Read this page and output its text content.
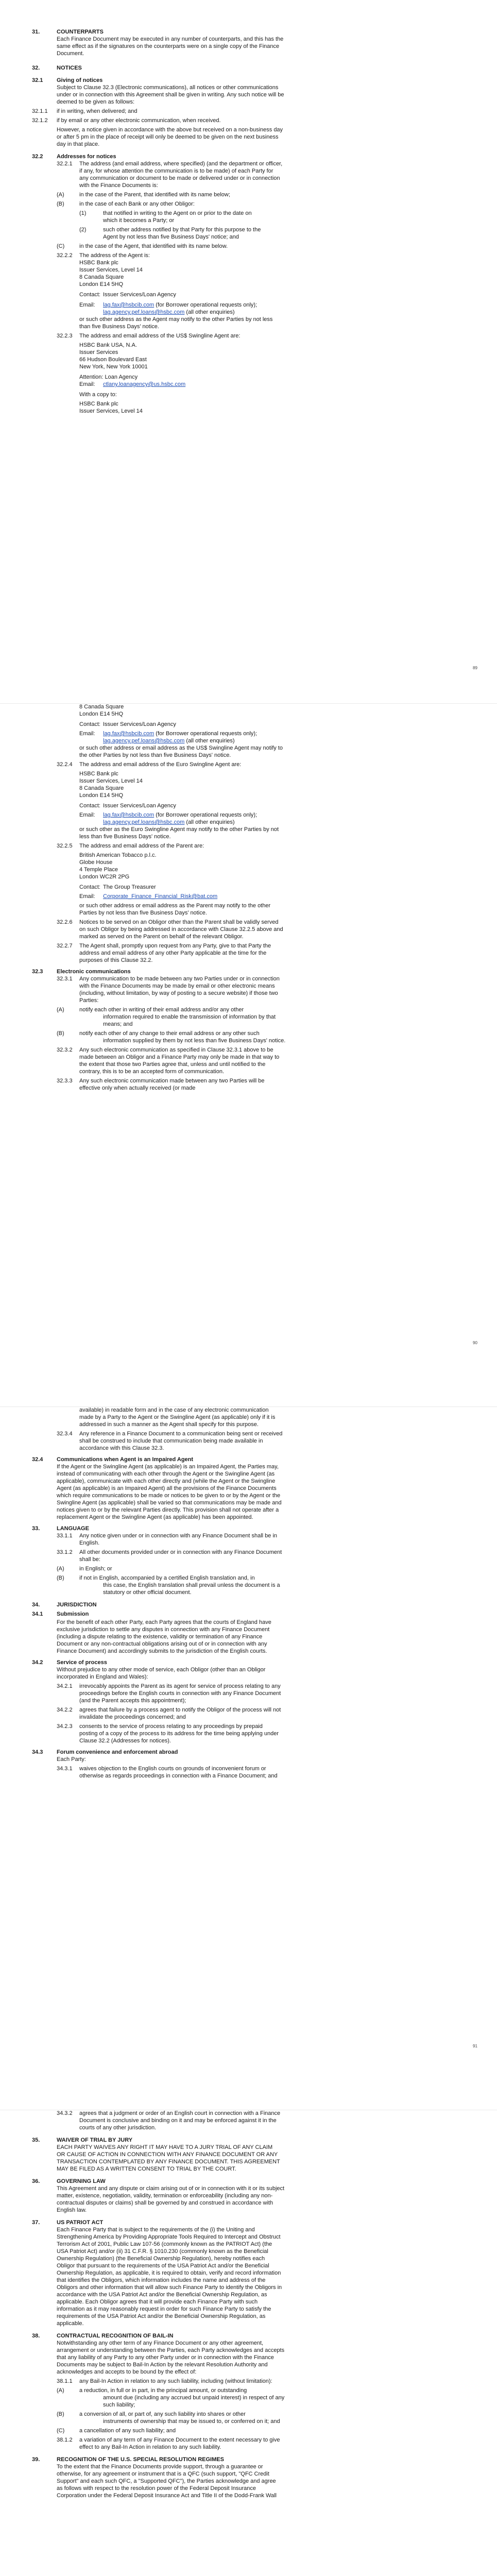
31.	COUNTERPARTS
Each Finance Document may be executed in any number of counterparts, and this has the
same effect as if the signatures on the counterparts were on a single copy of the Finance
Document.
32.	NOTICES
32.1 Giving of notices
Subject to Clause 32.3 (Electronic communications), all notices or other communications
under or in connection with this Agreement shall be given in writing. Any such notice will be
deemed to be given as follows:
32.1.1 if in writing, when delivered; and
32.1.2 if by email or any other electronic communication, when received.
However, a notice given in accordance with the above but received on a non-business day
or after 5 pm in the place of receipt will only be deemed to be given on the next business
day in that place.
32.2 Addresses for notices
32.2.1 The address (and email address, where specified) (and the department or officer,
if any, for whose attention the communication is to be made) of each Party for
any communication or document to be made or delivered under or in connection
with the Finance Documents is:
(A)	in the case of the Parent, that identified with its name below;
(B)	in the case of each Bank or any other Obligor:
(1)	that notified in writing to the Agent on or prior to the date on
which it becomes a Party; or
(2)	such other address notified by that Party for this purpose to the
Agent by not less than five Business Days' notice; and
(C)	in the case of the Agent, that identified with its name below.
32.2.2 The address of the Agent is:
HSBC Bank plc
Issuer Services, Level 14
8 Canada Square
London E14 5HQ
Contact: Issuer Services/Loan Agency
Email: lag.fax@hsbcib.com (for Borrower operational requests only);
lag.agency.pef.loans@hsbc.com (all other enquiries)
or such other address as the Agent may notify to the other Parties by not less
than five Business Days' notice.
32.2.3 The address and email address of the US$ Swingline Agent are:
HSBC Bank USA, N.A.
Issuer Services
66 Hudson Boulevard East
New York, New York 10001
Attention: Loan Agency
Email: ctlany.loanagency@us.hsbc.com
With a copy to:
HSBC Bank plc
Issuer Services, Level 14
89
8 Canada Square
London E14 5HQ
Contact: Issuer Services/Loan Agency
Email: lag.fax@hsbcib.com (for Borrower operational requests only);
lag.agency.pef.loans@hsbc.com (all other enquiries)
or such other address or email address as the US$ Swingline Agent may notify to
the other Parties by not less than five Business Days' notice.
32.2.4 The address and email address of the Euro Swingline Agent are:
HSBC Bank plc
Issuer Services, Level 14
8 Canada Square
London E14 5HQ
Contact: Issuer Services/Loan Agency
Email: lag.fax@hsbcib.com (for Borrower operational requests only);
lag.agency.pef.loans@hsbc.com (all other enquiries)
or such other as the Euro Swingline Agent may notify to the other Parties by not
less than five Business Days' notice.
32.2.5 The address and email address of the Parent are:
British American Tobacco p.l.c.
Globe House
4 Temple Place
London WC2R 2PG
Contact: The Group Treasurer
Email: Corporate_Finance_Financial_Risk@bat.com
or such other address or email address as the Parent may notify to the other
Parties by not less than five Business Days' notice.
32.2.6 Notices to be served on an Obligor other than the Parent shall be validly served
on such Obligor by being addressed in accordance with Clause 32.2.5 above and
marked as served on the Parent on behalf of the relevant Obligor.
32.2.7 The Agent shall, promptly upon request from any Party, give to that Party the
address and email address of any other Party applicable at the time for the
purposes of this Clause 32.2.
32.3 Electronic communications
32.3.1 Any communication to be made between any two Parties under or in connection
with the Finance Documents may be made by email or other electronic means
(including, without limitation, by way of posting to a secure website) if those two
Parties:
(A)	notify each other in writing of their email address and/or any other
information required to enable the transmission of information by that
means; and
(B)	notify each other of any change to their email address or any other such
information supplied by them by not less than five Business Days' notice.
32.3.2 Any such electronic communication as specified in Clause 32.3.1 above to be
made between an Obligor and a Finance Party may only be made in that way to
the extent that those two Parties agree that, unless and until notified to the
contrary, this is to be an accepted form of communication.
32.3.3 Any such electronic communication made between any two Parties will be
effective only when actually received (or made
90
available) in readable form and in the case of any electronic communication
made by a Party to the Agent or the Swingline Agent (as applicable) only if it is
addressed in such a manner as the Agent shall specify for this purpose.
32.3.4 Any reference in a Finance Document to a communication being sent or received
shall be construed to include that communication being made available in
accordance with this Clause 32.3.
32.4 Communications when Agent is an Impaired Agent
If the Agent or the Swingline Agent (as applicable) is an Impaired Agent, the Parties may,
instead of communicating with each other through the Agent or the Swingline Agent (as
applicable), communicate with each other directly and (while the Agent or the Swingline
Agent (as applicable) is an Impaired Agent) all the provisions of the Finance Documents
which require communications to be made or notices to be given to or by the Agent or the
Swingline Agent (as applicable) shall be varied so that communications may be made and
notices given to or by the relevant Parties directly. This provision shall not operate after a
replacement Agent or the Swingline Agent (as applicable) has been appointed.
33.	LANGUAGE
33.1.1 Any notice given under or in connection with any Finance Document shall be in
English.
33.1.2 All other documents provided under or in connection with any Finance Document
shall be:
(A)	in English; or
(B)	if not in English, accompanied by a certified English translation and, in
this case, the English translation shall prevail unless the document is a
statutory or other official document.
34.	JURISDICTION
34.1 Submission
For the benefit of each other Party, each Party agrees that the courts of England have
exclusive jurisdiction to settle any disputes in connection with any Finance Document
(including a dispute relating to the existence, validity or termination of any Finance
Document or any non-contractual obligations arising out of or in connection with any
Finance Document) and accordingly submits to the jurisdiction of the English courts.
34.2 Service of process
Without prejudice to any other mode of service, each Obligor (other than an Obligor
incorporated in England and Wales):
34.2.1 irrevocably appoints the Parent as its agent for service of process relating to any
proceedings before the English courts in connection with any Finance Document
(and the Parent accepts this appointment);
34.2.2 agrees that failure by a process agent to notify the Obligor of the process will not
invalidate the proceedings concerned; and
34.2.3 consents to the service of process relating to any proceedings by prepaid
posting of a copy of the process to its address for the time being applying under
Clause 32.2 (Addresses for notices).
34.3 Forum convenience and enforcement abroad
Each Party:
34.3.1 waives objection to the English courts on grounds of inconvenient forum or
otherwise as regards proceedings in connection with a Finance Document; and
91
34.3.2 agrees that a judgment or order of an English court in connection with a Finance
Document is conclusive and binding on it and may be enforced against it in the
courts of any other jurisdiction.
35.	WAIVER OF TRIAL BY JURY
EACH PARTY WAIVES ANY RIGHT IT MAY HAVE TO A JURY TRIAL OF ANY CLAIM
OR CAUSE OF ACTION IN CONNECTION WITH ANY FINANCE DOCUMENT OR ANY
TRANSACTION CONTEMPLATED BY ANY FINANCE DOCUMENT. THIS AGREEMENT
MAY BE FILED AS A WRITTEN CONSENT TO TRIAL BY THE COURT.
36.	GOVERNING LAW
This Agreement and any dispute or claim arising out of or in connection with it or its subject
matter, existence, negotiation, validity, termination or enforceability (including any non-
contractual disputes or claims) shall be governed by and construed in accordance with
English law.
37.	US PATRIOT ACT
Each Finance Party that is subject to the requirements of the (i) the Uniting and
Strengthening America by Providing Appropriate Tools Required to Intercept and Obstruct
Terrorism Act of 2001, Public Law 107-56 (commonly known as the PATRIOT Act) (the
USA Patriot Act) and/or (ii) 31 C.F.R. § 1010.230 (commonly known as the Beneficial
Ownership Regulation) (the Beneficial Ownership Regulation), hereby notifies each
Obligor that pursuant to the requirements of the USA Patriot Act and/or the Beneficial
Ownership Regulation, as applicable, it is required to obtain, verify and record information
that identifies the Obligors, which information includes the name and address of the
Obligors and other information that will allow such Finance Party to identify the Obligors in
accordance with the USA Patriot Act and/or the Beneficial Ownership Regulation, as
applicable. Each Obligor agrees that it will provide each Finance Party with such
information as it may reasonably request in order for such Finance Party to satisfy the
requirements of the USA Patriot Act and/or the Beneficial Ownership Regulation, as
applicable.
38.	CONTRACTUAL RECOGNITION OF BAIL-IN
Notwithstanding any other term of any Finance Document or any other agreement,
arrangement or understanding between the Parties, each Party acknowledges and accepts
that any liability of any Party to any other Party under or in connection with the Finance
Documents may be subject to Bail-In Action by the relevant Resolution Authority and
acknowledges and accepts to be bound by the effect of:
38.1.1 any Bail-In Action in relation to any such liability, including (without limitation):
(A)	a reduction, in full or in part, in the principal amount, or outstanding
amount due (including any accrued but unpaid interest) in respect of any
such liability;
(B)	a conversion of all, or part of, any such liability into shares or other
instruments of ownership that may be issued to, or conferred on it; and
(C)	a cancellation of any such liability; and
38.1.2 a variation of any term of any Finance Document to the extent necessary to give
effect to any Bail-In Action in relation to any such liability.
39.	RECOGNITION OF THE U.S. SPECIAL RESOLUTION REGIMES
To the extent that the Finance Documents provide support, through a guarantee or
otherwise, for any agreement or instrument that is a QFC (such support, "QFC Credit
Support" and each such QFC, a "Supported QFC"), the Parties acknowledge and agree
as follows with respect to the resolution power of the Federal Deposit Insurance
Corporation under the Federal Deposit Insurance Act and Title II of the Dodd-Frank Wall
